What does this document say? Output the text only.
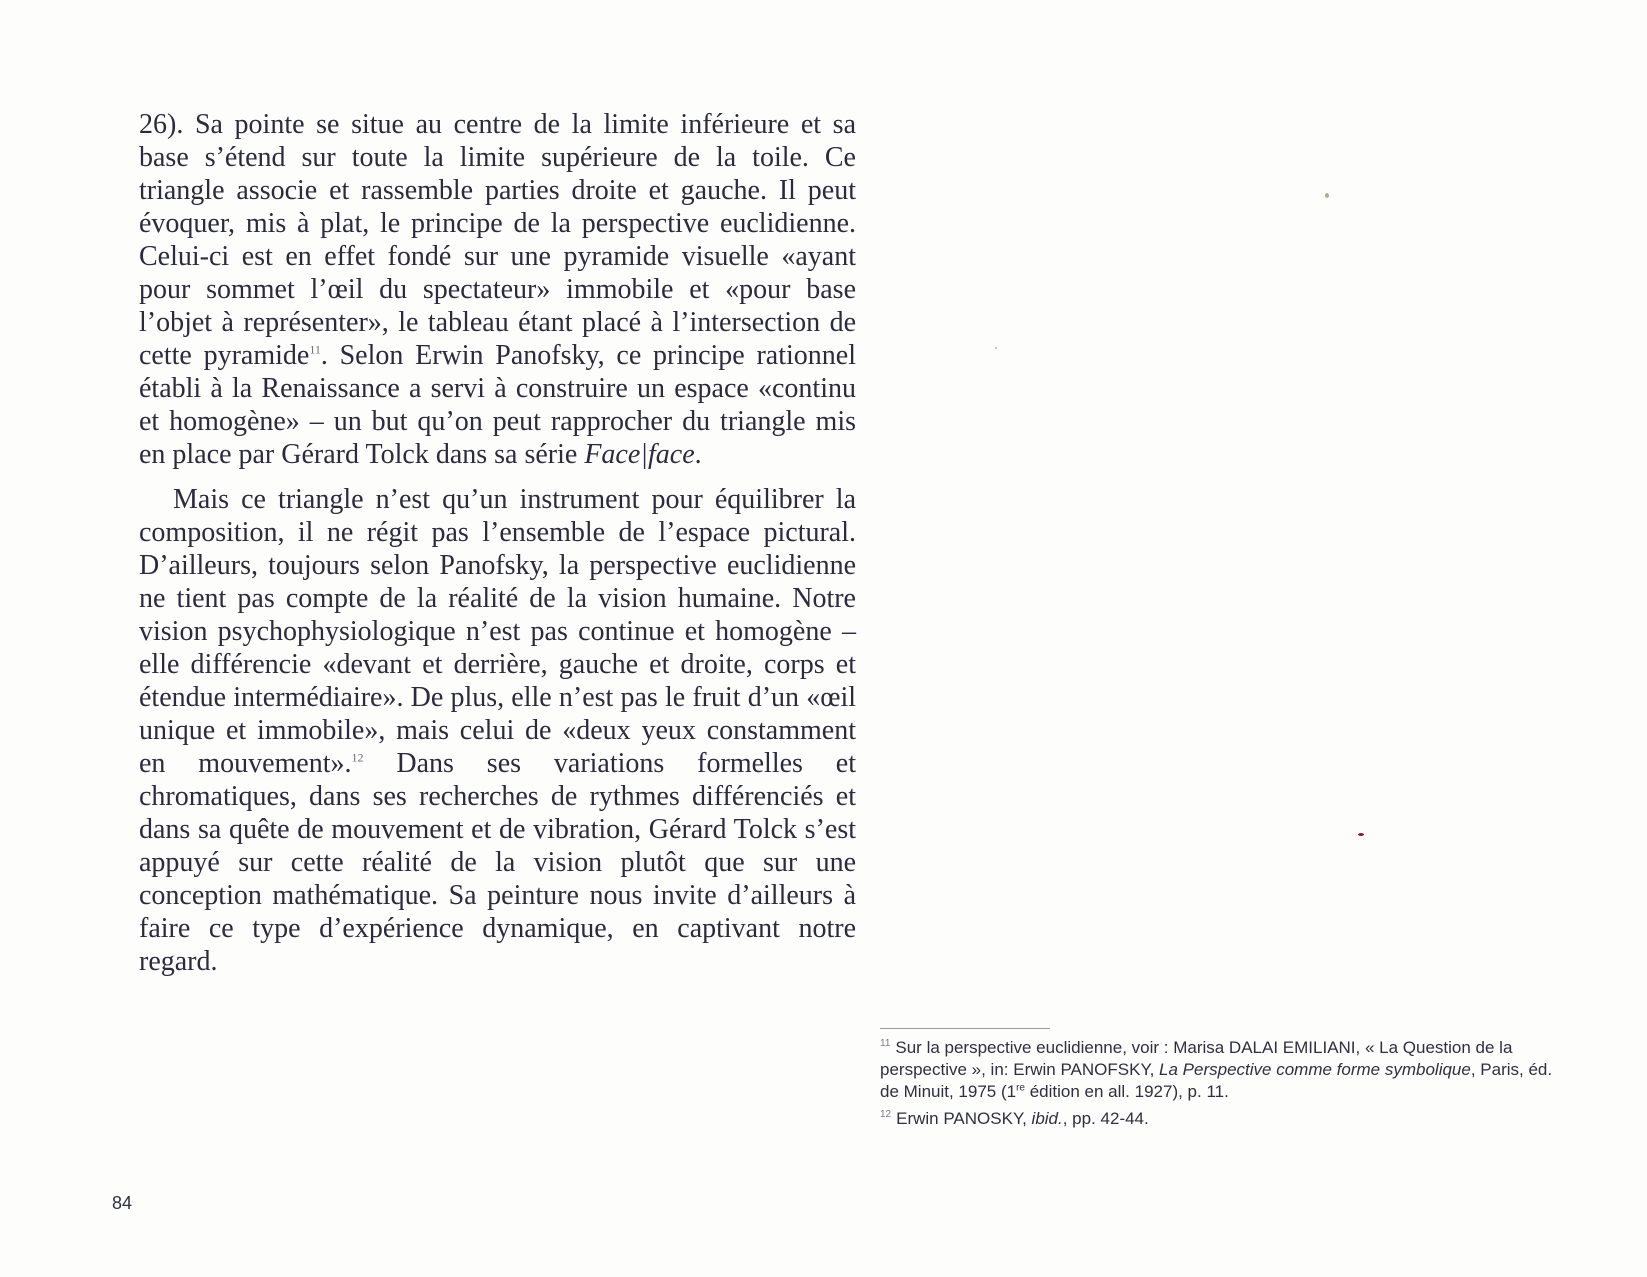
26). Sa pointe se situe au centre de la limite inférieure et sa base s’étend sur toute la limite supérieure de la toile. Ce triangle associe et rassemble parties droite et gauche. Il peut évoquer, mis à plat, le principe de la perspective euclidienne. Celui-ci est en effet fondé sur une pyramide visuelle «ayant pour sommet l’œil du spectateur» immobile et «pour base l’objet à représenter», le tableau étant placé à l’intersection de cette pyramide$^{11}$. Selon Erwin Panofsky, ce principe rationnel établi à la Renaissance a servi à construire un espace «continu et homogène» – un but qu’on peut rapprocher du triangle mis en place par Gérard Tolck dans sa série Face|face.

Mais ce triangle n’est qu’un instrument pour équilibrer la composition, il ne régit pas l’ensemble de l’espace pictural. D’ailleurs, toujours selon Panofsky, la perspective euclidienne ne tient pas compte de la réalité de la vision humaine. Notre vision psychophysiologique n’est pas continue et homogène – elle différencie «devant et derrière, gauche et droite, corps et étendue intermédiaire». De plus, elle n’est pas le fruit d’un «œil unique et immobile», mais celui de «deux yeux constamment en mouvement».$^{12}$ Dans ses variations formelles et chromatiques, dans ses recherches de rythmes différenciés et dans sa quête de mouvement et de vibration, Gérard Tolck s’est appuyé sur cette réalité de la vision plutôt que sur une conception mathématique. Sa peinture nous invite d’ailleurs à faire ce type d’expérience dynamique, en captivant notre regard.

$^{11}$ Sur la perspective euclidienne, voir : Marisa DALAI EMILIANI, « La Question de la perspective », in: Erwin PANOFSKY, La Perspective comme forme symbolique, Paris, éd. de Minuit, 1975 (1re édition en all. 1927), p. 11.

$^{12}$ Erwin PANOSKY, ibid., pp. 42-44.

84
